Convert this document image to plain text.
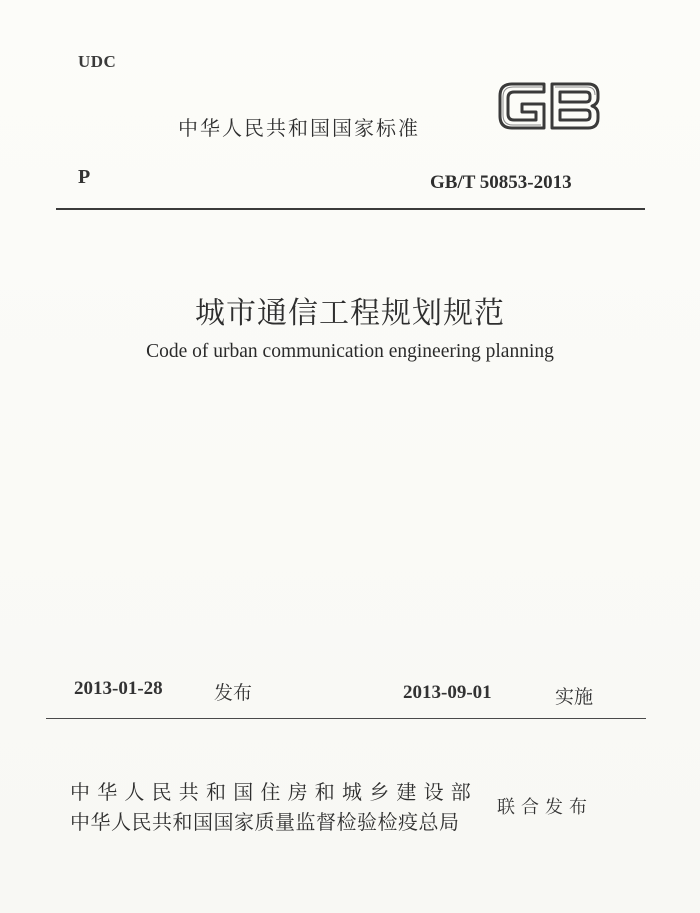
UDC
中华人民共和国国家标准
P	GB/T 50853-2013
城市通信工程规划规范
Code of urban communication engineering planning
2013-01-28	发布	2013-09-01	实施
中华人民共和国住房和城乡建设部
中华人民共和国国家质量监督检验检疫总局
联合发布
